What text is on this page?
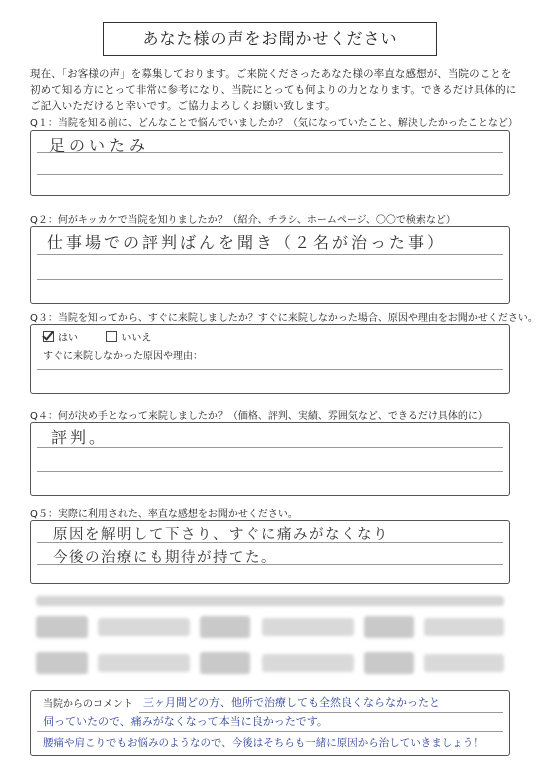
あなた様の声をお聞かせください
現在、「お客様の声」を募集しております。ご来院くださったあなた様の率直な感想が、当院のことを
初めて知る方にとって非常に参考になり、当院にとっても何よりの力となります。できるだけ具体的に
ご記入いただけると幸いです。ご協力よろしくお願い致します。
Q１：当院を知る前に、どんなことで悩んでいましたか？（気になっていたこと、解決したかったことなど）
足のいたみ
Q２：何がキッカケで当院を知りましたか？（紹介、チラシ、ホームページ、〇〇で検索など）
仕事場での評判ばんを聞き（２名が治った事）
Q３：当院を知ってから、すぐに来院しましたか？すぐに来院しなかった場合、原因や理由をお聞かせください。
はい	いいえ
すぐに来院しなかった原因や理由：
Q４：何が決め手となって来院しましたか？（価格、評判、実績、雰囲気など、できるだけ具体的に）
評判。
Q５：実際に利用された、率直な感想をお聞かせください。
原因を解明して下さり、すぐに痛みがなくなり
今後の治療にも期待が持てた。
当院からのコメント 三ヶ月間どの方、他所で治療しても全然良くならなかったと
伺っていたので、痛みがなくなって本当に良かったです。
腰痛や肩こりでもお悩みのようなので、今後はそちらも一緒に原因から治していきましょう！
